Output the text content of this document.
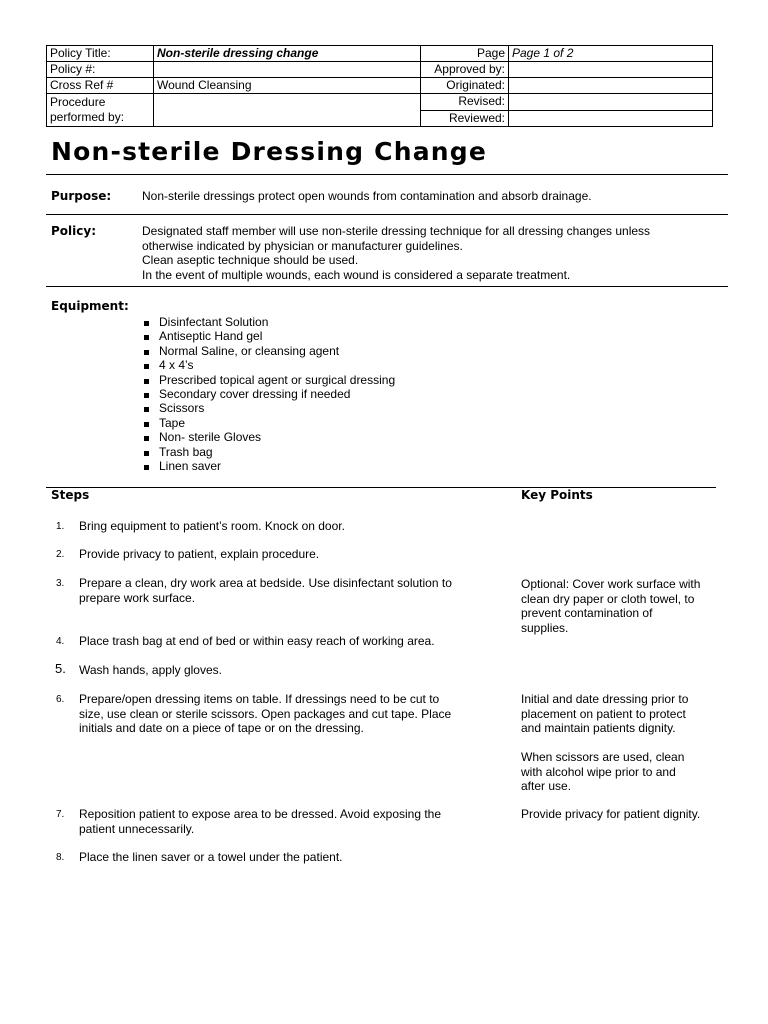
Policy Title:	Non-sterile dressing change	Page	Page 1 of 2
Policy #:		Approved by:	
Cross Ref #	Wound Cleansing	Originated:	

Procedure
performed by:		Revised:	
		Reviewed:	
Non-sterile Dressing Change
Purpose:	Non-sterile dressings protect open wounds from contamination and absorb drainage.
Policy:	Designated staff member will use non-sterile dressing technique for all dressing changes unless
otherwise indicated by physician or manufacturer guidelines.
Clean aseptic technique should be used.
In the event of multiple wounds, each wound is considered a separate treatment.
Equipment:
Disinfectant Solution
Antiseptic Hand gel
Normal Saline, or cleansing agent
4 x 4’s
Prescribed topical agent or surgical dressing
Secondary cover dressing if needed
Scissors
Tape
Non- sterile Gloves
Trash bag
Linen saver
Steps	Key Points
1. Bring equipment to patient’s room. Knock on door.
2. Provide privacy to patient, explain procedure.
3. Prepare a clean, dry work area at bedside. Use disinfectant solution to
prepare work surface.
Optional: Cover work surface with
clean dry paper or cloth towel, to
prevent contamination of
supplies.
4. Place trash bag at end of bed or within easy reach of working area.
5. Wash hands, apply gloves.
6. Prepare/open dressing items on table. If dressings need to be cut to
size, use clean or sterile scissors. Open packages and cut tape. Place
initials and date on a piece of tape or on the dressing.
Initial and date dressing prior to
placement on patient to protect
and maintain patients dignity.
When scissors are used, clean
with alcohol wipe prior to and
after use.
7. Reposition patient to expose area to be dressed. Avoid exposing the
patient unnecessarily.
Provide privacy for patient dignity.
8. Place the linen saver or a towel under the patient.
